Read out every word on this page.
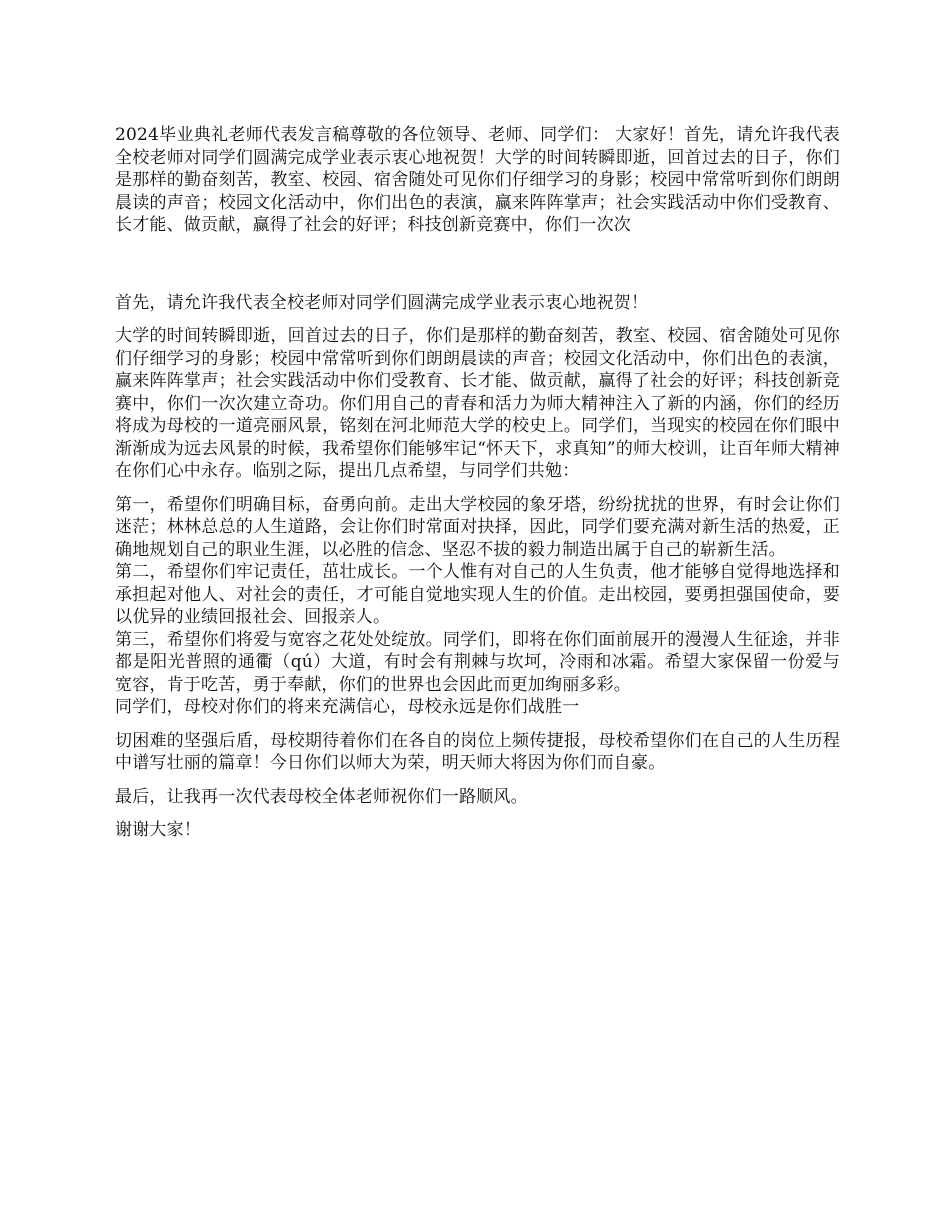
2024毕业典礼老师代表发言稿尊敬的各位领导、老师、同学们： 大家好！首先，请允许我代表全校老师对同学们圆满完成学业表示衷心地祝贺！大学的时间转瞬即逝，回首过去的日子，你们是那样的勤奋刻苦，教室、校园、宿舍随处可见你们仔细学习的身影；校园中常常听到你们朗朗晨读的声音；校园文化活动中，你们出色的表演，赢来阵阵掌声；社会实践活动中你们受教育、长才能、做贡献，赢得了社会的好评；科技创新竞赛中，你们一次次

首先，请允许我代表全校老师对同学们圆满完成学业表示衷心地祝贺！

大学的时间转瞬即逝，回首过去的日子，你们是那样的勤奋刻苦，教室、校园、宿舍随处可见你们仔细学习的身影；校园中常常听到你们朗朗晨读的声音；校园文化活动中，你们出色的表演，赢来阵阵掌声；社会实践活动中你们受教育、长才能、做贡献，赢得了社会的好评；科技创新竞赛中，你们一次次建立奇功。你们用自己的青春和活力为师大精神注入了新的内涵，你们的经历将成为母校的一道亮丽风景，铭刻在河北师范大学的校史上。同学们，当现实的校园在你们眼中渐渐成为远去风景的时候，我希望你们能够牢记“怀天下，求真知”的师大校训，让百年师大精神在你们心中永存。临别之际，提出几点希望，与同学们共勉：

第一，希望你们明确目标，奋勇向前。走出大学校园的象牙塔，纷纷扰扰的世界，有时会让你们迷茫；林林总总的人生道路，会让你们时常面对抉择，因此，同学们要充满对新生活的热爱，正确地规划自己的职业生涯，以必胜的信念、坚忍不拔的毅力制造出属于自己的崭新生活。

第二，希望你们牢记责任，茁壮成长。一个人惟有对自己的人生负责，他才能够自觉得地选择和承担起对他人、对社会的责任，才可能自觉地实现人生的价值。走出校园，要勇担强国使命，要以优异的业绩回报社会、回报亲人。

第三，希望你们将爱与宽容之花处处绽放。同学们，即将在你们面前展开的漫漫人生征途，并非都是阳光普照的通衢（qú）大道，有时会有荆棘与坎坷，冷雨和冰霜。希望大家保留一份爱与宽容，肯于吃苦，勇于奉献，你们的世界也会因此而更加绚丽多彩。

同学们，母校对你们的将来充满信心，母校永远是你们战胜一

切困难的坚强后盾，母校期待着你们在各自的岗位上频传捷报，母校希望你们在自己的人生历程中谱写壮丽的篇章！今日你们以师大为荣，明天师大将因为你们而自豪。

最后，让我再一次代表母校全体老师祝你们一路顺风。

谢谢大家！
